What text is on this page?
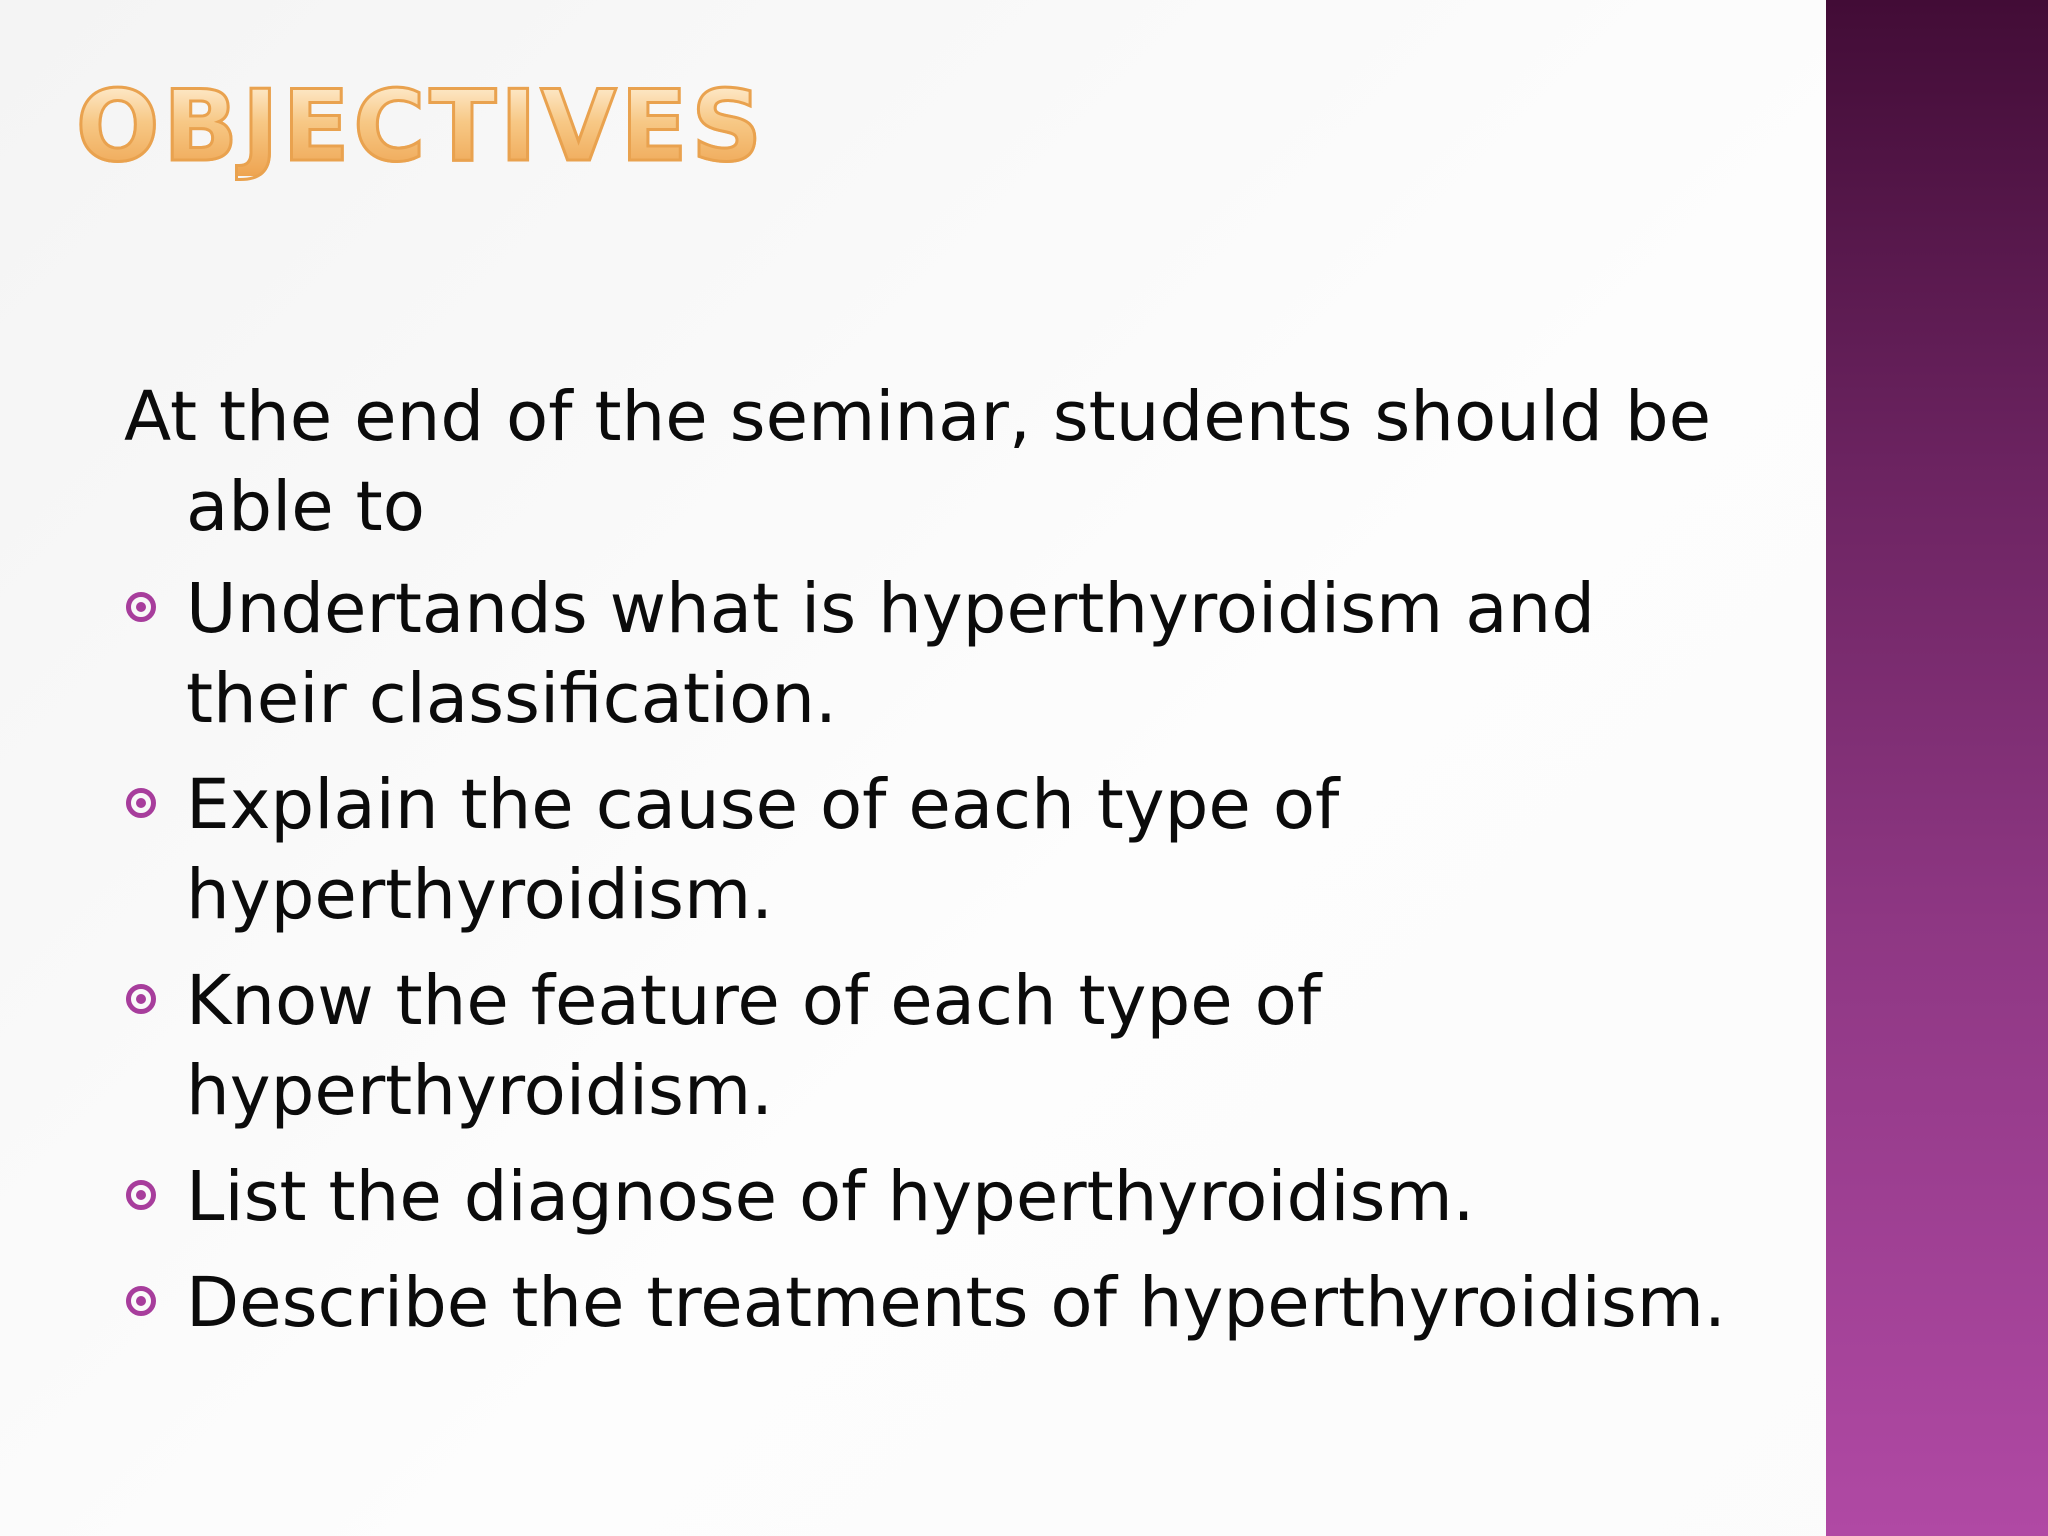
OBJECTIVES

At the end of the seminar, students should be able to

Undertands what is hyperthyroidism and their classification.
Explain the cause of each type of hyperthyroidism.
Know the feature of each type of hyperthyroidism.
List the diagnose of hyperthyroidism.
Describe the treatments of hyperthyroidism.
